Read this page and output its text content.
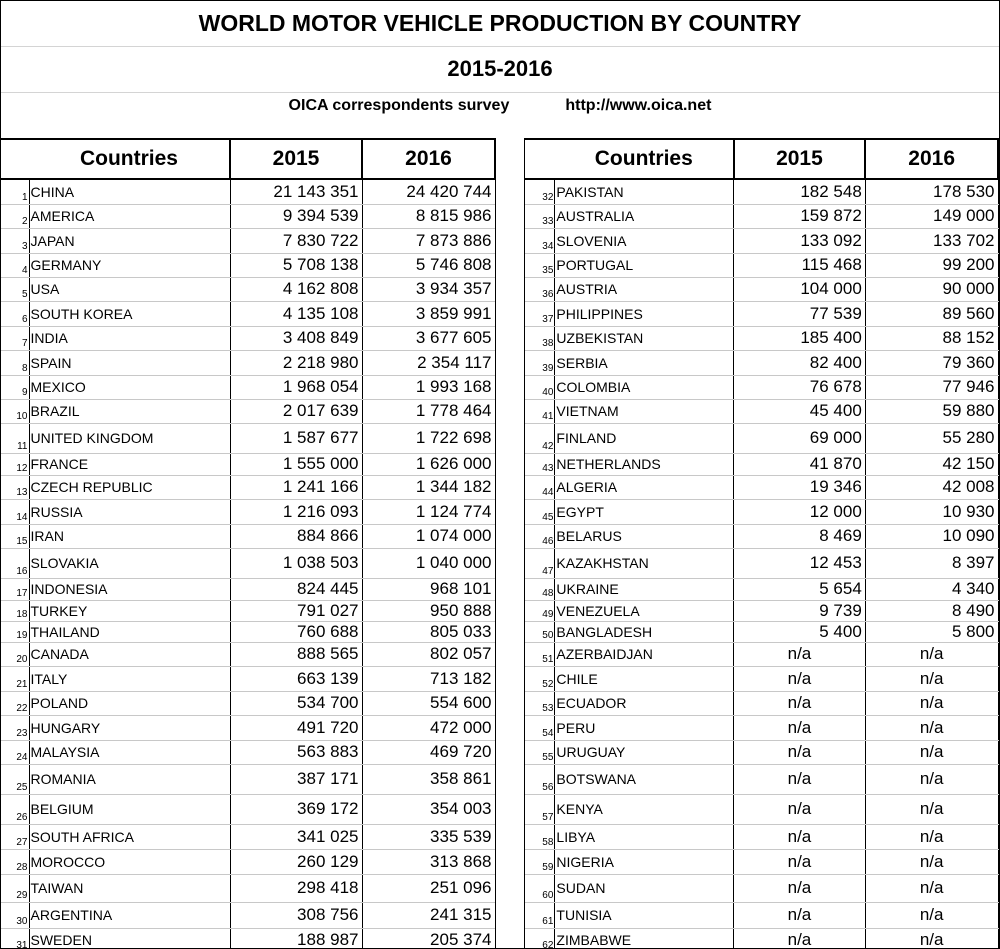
WORLD MOTOR VEHICLE PRODUCTION BY COUNTRY
2015-2016
OICA correspondents survey	http://www.oica.net
	Countries	2015	2016
1	CHINA	21 143 351	24 420 744
2	AMERICA	9 394 539	8 815 986
3	JAPAN	7 830 722	7 873 886
4	GERMANY	5 708 138	5 746 808
5	USA	4 162 808	3 934 357
6	SOUTH KOREA	4 135 108	3 859 991
7	INDIA	3 408 849	3 677 605
8	SPAIN	2 218 980	2 354 117
9	MEXICO	1 968 054	1 993 168
10	BRAZIL	2 017 639	1 778 464
11	UNITED KINGDOM	1 587 677	1 722 698
12	FRANCE	1 555 000	1 626 000
13	CZECH REPUBLIC	1 241 166	1 344 182
14	RUSSIA	1 216 093	1 124 774
15	IRAN	884 866	1 074 000
16	SLOVAKIA	1 038 503	1 040 000
17	INDONESIA	824 445	968 101
18	TURKEY	791 027	950 888
19	THAILAND	760 688	805 033
20	CANADA	888 565	802 057
21	ITALY	663 139	713 182
22	POLAND	534 700	554 600
23	HUNGARY	491 720	472 000
24	MALAYSIA	563 883	469 720
25	ROMANIA	387 171	358 861
26	BELGIUM	369 172	354 003
27	SOUTH AFRICA	341 025	335 539
28	MOROCCO	260 129	313 868
29	TAIWAN	298 418	251 096
30	ARGENTINA	308 756	241 315
31	SWEDEN	188 987	205 374
	Countries	2015	2016
32	PAKISTAN	182 548	178 530
33	AUSTRALIA	159 872	149 000
34	SLOVENIA	133 092	133 702
35	PORTUGAL	115 468	99 200
36	AUSTRIA	104 000	90 000
37	PHILIPPINES	77 539	89 560
38	UZBEKISTAN	185 400	88 152
39	SERBIA	82 400	79 360
40	COLOMBIA	76 678	77 946
41	VIETNAM	45 400	59 880
42	FINLAND	69 000	55 280
43	NETHERLANDS	41 870	42 150
44	ALGERIA	19 346	42 008
45	EGYPT	12 000	10 930
46	BELARUS	8 469	10 090
47	KAZAKHSTAN	12 453	8 397
48	UKRAINE	5 654	4 340
49	VENEZUELA	9 739	8 490
50	BANGLADESH	5 400	5 800
51	AZERBAIDJAN	n/a	n/a
52	CHILE	n/a	n/a
53	ECUADOR	n/a	n/a
54	PERU	n/a	n/a
55	URUGUAY	n/a	n/a
56	BOTSWANA	n/a	n/a
57	KENYA	n/a	n/a
58	LIBYA	n/a	n/a
59	NIGERIA	n/a	n/a
60	SUDAN	n/a	n/a
61	TUNISIA	n/a	n/a
62	ZIMBABWE	n/a	n/a
